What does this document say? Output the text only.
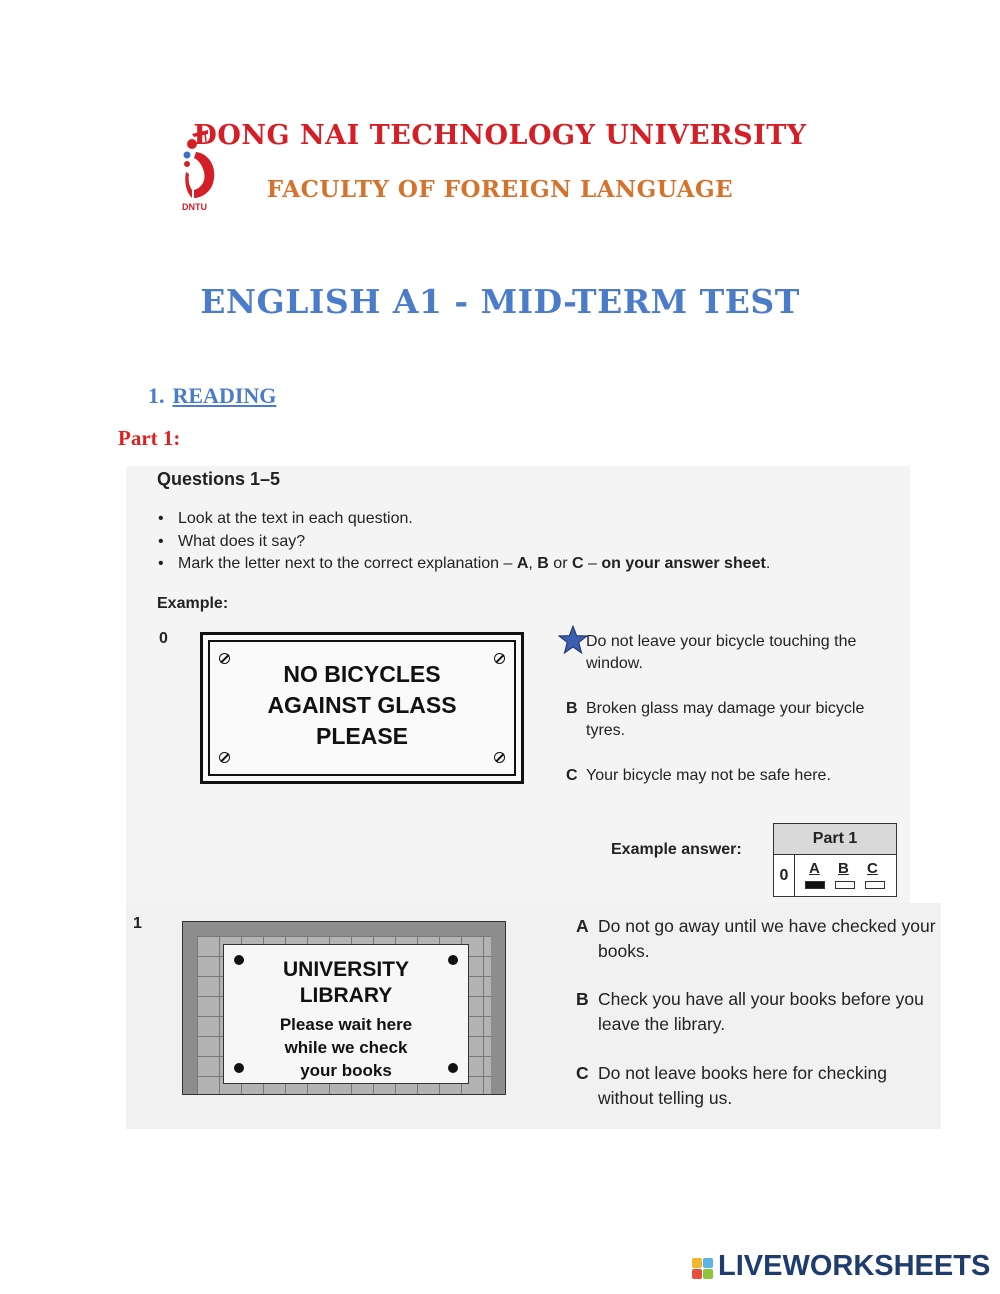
DNTU
DONG NAI TECHNOLOGY UNIVERSITY
FACULTY OF FOREIGN LANGUAGE
ENGLISH A1 - MID-TERM TEST
1. READING
Part 1:
Questions 1–5
• Look at the text in each question.
• What does it say?
• Mark the letter next to the correct explanation – A, B or C – on your answer sheet.
Example:
0
NO BICYCLES
AGAINST GLASS
PLEASE
Do not leave your bicycle touching the window.
B Broken glass may damage your bicycle tyres.
C Your bicycle may not be safe here.
Example answer:
Part 1
0	A B C
1
UNIVERSITY
LIBRARY
Please wait here
while we check
your books
A Do not go away until we have checked your books.
B Check you have all your books before you leave the library.
C Do not leave books here for checking without telling us.
LIVEWORKSHEETS
